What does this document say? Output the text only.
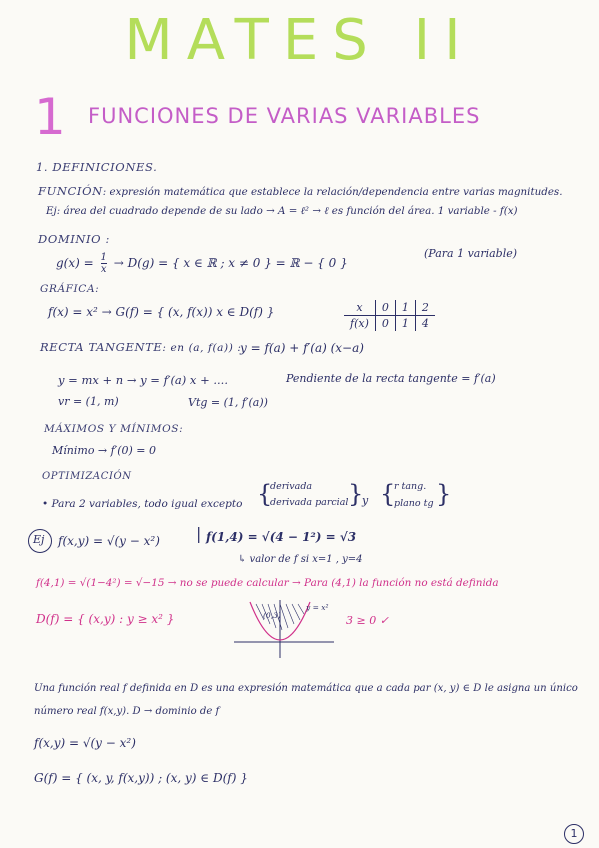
MATES II
1 FUNCIONES DE VARIAS VARIABLES
1. DEFINICIONES.
FUNCIÓN: expresión matemática que establece la relación/dependencia entre varias magnitudes.
Ej: área del cuadrado depende de su lado → A = ℓ² → ℓ es función del área. 1 variable - f(x)
DOMINIO :
$g(x) = \frac{1}{x} \to D(g)$ = { x ∈ ℝ ; x ≠ 0 } = ℝ − { 0 }
(Para 1 variable)
GRÁFICA:
f(x) = x² → G(f) = { (x, f(x)) x ∈ D(f) }	x	0	1	2
f(x)	0	1	4
RECTA TANGENTE: en (a, f(a)) :
y = f(a) + f′(a) (x−a)
y = mx + n → y = f′(a) x + ....	Pendiente de la recta tangente = f′(a)
vr = (1, m)	Vtg = (1, f′(a))
MÁXIMOS Y MÍNIMOS:
Mínimo → f′(0) = 0
OPTIMIZACIÓN
• Para 2 variables, todo igual excepto {
derivada
derivada parcial }
y {
r tang.
plano tg }
Ej f(x,y) = √(y − x²) | f(1,4) = √(4 − 1²) = √3
↳ valor de f si x=1 , y=4
f(4,1) = √(1−4²) = √−15 → no se puede calcular → Para (4,1) la función no está definida
D(f) = { (x,y) : y ≥ x² }	(0,3)
y = x²
3 ≥ 0 ✓
Una función real f definida en D es una expresión matemática que a cada par (x, y) ∈ D le asigna un único
número real f(x,y). D → dominio de f
f(x,y) = √(y − x²)
G(f) = { (x, y, f(x,y)) ; (x, y) ∈ D(f) }
1
